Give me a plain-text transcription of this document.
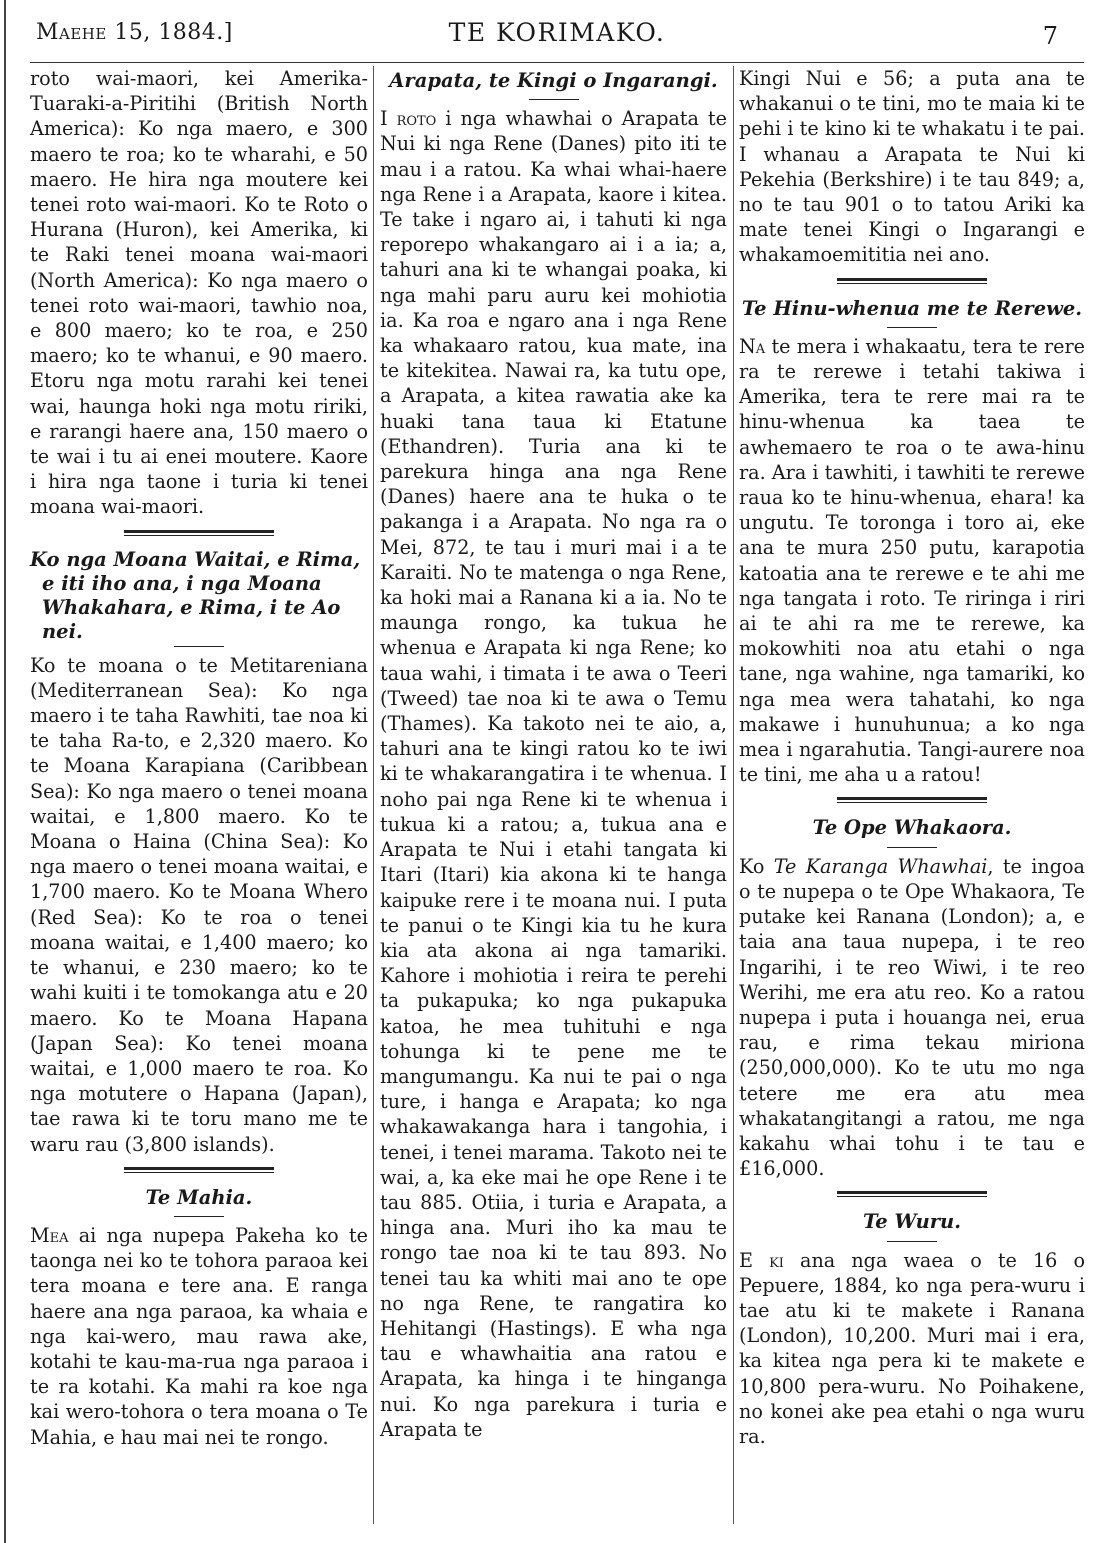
Maehe 15, 1884.]	TE KORIMAKO.	7

roto wai-maori, kei Amerika-Tuaraki-a-Piritihi (British North America): Ko nga maero, e 300 maero te roa; ko te wharahi, e 50 maero. He hira nga moutere kei tenei roto wai-maori. Ko te Roto o Hurana (Huron), kei Amerika, ki te Raki tenei moana wai-maori (North America): Ko nga maero o tenei roto wai-maori, tawhio noa, e 800 maero; ko te roa, e 250 maero; ko te whanui, e 90 maero. Etoru nga motu rarahi kei tenei wai, haunga hoki nga motu ririki, e rarangi haere ana, 150 maero o te wai i tu ai enei moutere. Kaore i hira nga taone i turia ki tenei moana wai-maori.

Ko nga Moana Waitai, e Rima, e iti iho ana, i nga Moana Whakahara, e Rima, i te Ao nei.

Ko te moana o te Metitareniana (Mediterranean Sea): Ko nga maero i te taha Rawhiti, tae noa ki te taha Ra-to, e 2,320 maero. Ko te Moana Karapiana (Caribbean Sea): Ko nga maero o tenei moana waitai, e 1,800 maero. Ko te Moana o Haina (China Sea): Ko nga maero o tenei moana waitai, e 1,700 maero. Ko te Moana Whero (Red Sea): Ko te roa o tenei moana waitai, e 1,400 maero; ko te whanui, e 230 maero; ko te wahi kuiti i te tomokanga atu e 20 maero. Ko te Moana Hapana (Japan Sea): Ko tenei moana waitai, e 1,000 maero te roa. Ko nga motutere o Hapana (Japan), tae rawa ki te toru mano me te waru rau (3,800 islands).

Te Mahia.

Mea ai nga nupepa Pakeha ko te taonga nei ko te tohora paraoa kei tera moana e tere ana. E ranga haere ana nga paraoa, ka whaia e nga kai-wero, mau rawa ake, kotahi te kau-ma-rua nga paraoa i te ra kotahi. Ka mahi ra koe nga kai wero-tohora o tera moana o Te Mahia, e hau mai nei te rongo.

Arapata, te Kingi o Ingarangi.

I roto i nga whawhai o Arapata te Nui ki nga Rene (Danes) pito iti te mau i a ratou. Ka whai whai-haere nga Rene i a Arapata, kaore i kitea. Te take i ngaro ai, i tahuti ki nga reporepo whakangaro ai i a ia; a, tahuri ana ki te whangai poaka, ki nga mahi paru auru kei mohiotia ia. Ka roa e ngaro ana i nga Rene ka whakaaro ratou, kua mate, ina te kitekitea. Nawai ra, ka tutu ope, a Arapata, a kitea rawatia ake ka huaki tana taua ki Etatune (Ethandren). Turia ana ki te parekura hinga ana nga Rene (Danes) haere ana te huka o te pakanga i a Arapata. No nga ra o Mei, 872, te tau i muri mai i a te Karaiti. No te matenga o nga Rene, ka hoki mai a Ranana ki a ia. No te maunga rongo, ka tukua he whenua e Arapata ki nga Rene; ko taua wahi, i timata i te awa o Teeri (Tweed) tae noa ki te awa o Temu (Thames). Ka takoto nei te aio, a, tahuri ana te kingi ratou ko te iwi ki te whakarangatira i te whenua. I noho pai nga Rene ki te whenua i tukua ki a ratou; a, tukua ana e Arapata te Nui i etahi tangata ki Itari (Itari) kia akona ki te hanga kaipuke rere i te moana nui. I puta te panui o te Kingi kia tu he kura kia ata akona ai nga tamariki. Kahore i mohiotia i reira te perehi ta pukapuka; ko nga pukapuka katoa, he mea tuhituhi e nga tohunga ki te pene me te mangumangu. Ka nui te pai o nga ture, i hanga e Arapata; ko nga whakawakanga hara i tangohia, i tenei, i tenei marama. Takoto nei te wai, a, ka eke mai he ope Rene i te tau 885. Otiia, i turia e Arapata, a hinga ana. Muri iho ka mau te rongo tae noa ki te tau 893. No tenei tau ka whiti mai ano te ope no nga Rene, te rangatira ko Hehitangi (Hastings). E wha nga tau e whawhaitia ana ratou e Arapata, ka hinga i te hinganga nui. Ko nga parekura i turia e Arapata te

Kingi Nui e 56; a puta ana te whakanui o te tini, mo te maia ki te pehi i te kino ki te whakatu i te pai. I whanau a Arapata te Nui ki Pekehia (Berkshire) i te tau 849; a, no te tau 901 o to tatou Ariki ka mate tenei Kingi o Ingarangi e whakamoemititia nei ano.

Te Hinu-whenua me te Rerewe.

Na te mera i whakaatu, tera te rere ra te rerewe i tetahi takiwa i Amerika, tera te rere mai ra te hinu-whenua ka taea te awhemaero te roa o te awa-hinu ra. Ara i tawhiti, i tawhiti te rerewe raua ko te hinu-whenua, ehara! ka ungutu. Te toronga i toro ai, eke ana te mura 250 putu, karapotia katoatia ana te rerewe e te ahi me nga tangata i roto. Te riringa i riri ai te ahi ra me te rerewe, ka mokowhiti noa atu etahi o nga tane, nga wahine, nga tamariki, ko nga mea wera tahatahi, ko nga makawe i hunuhunua; a ko nga mea i ngarahutia. Tangi-aurere noa te tini, me aha u a ratou!

Te Ope Whakaora.

Ko Te Karanga Whawhai, te ingoa o te nupepa o te Ope Whakaora, Te putake kei Ranana (London); a, e taia ana taua nupepa, i te reo Ingarihi, i te reo Wiwi, i te reo Werihi, me era atu reo. Ko a ratou nupepa i puta i houanga nei, erua rau, e rima tekau miriona (250,000,000). Ko te utu mo nga tetere me era atu mea whakatangitangi a ratou, me nga kakahu whai tohu i te tau e £16,000.

Te Wuru.

E ki ana nga waea o te 16 o Pepuere, 1884, ko nga pera-wuru i tae atu ki te makete i Ranana (London), 10,200. Muri mai i era, ka kitea nga pera ki te makete e 10,800 pera-wuru. No Poihakene, no konei ake pea etahi o nga wuru ra.
